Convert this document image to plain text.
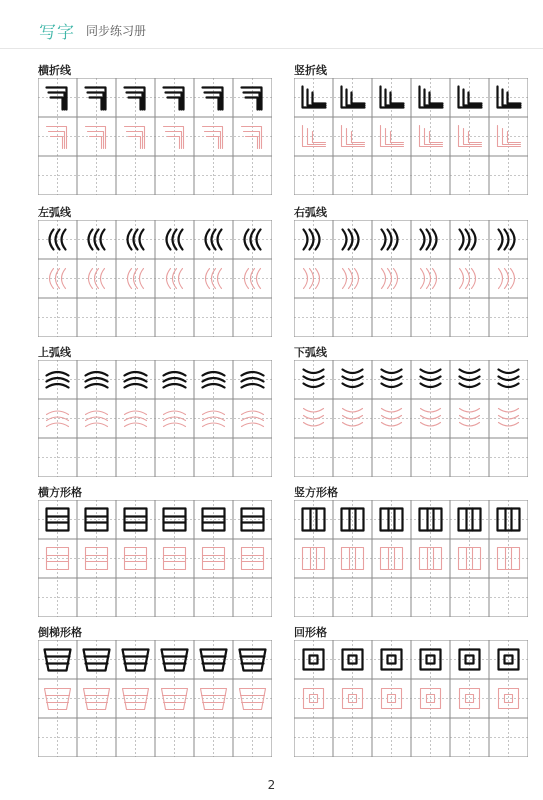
写字 同步练习册
横折线	竖折线
左弧线	右弧线
上弧线	下弧线
横方形格	竖方形格
倒梯形格	回形格
2
